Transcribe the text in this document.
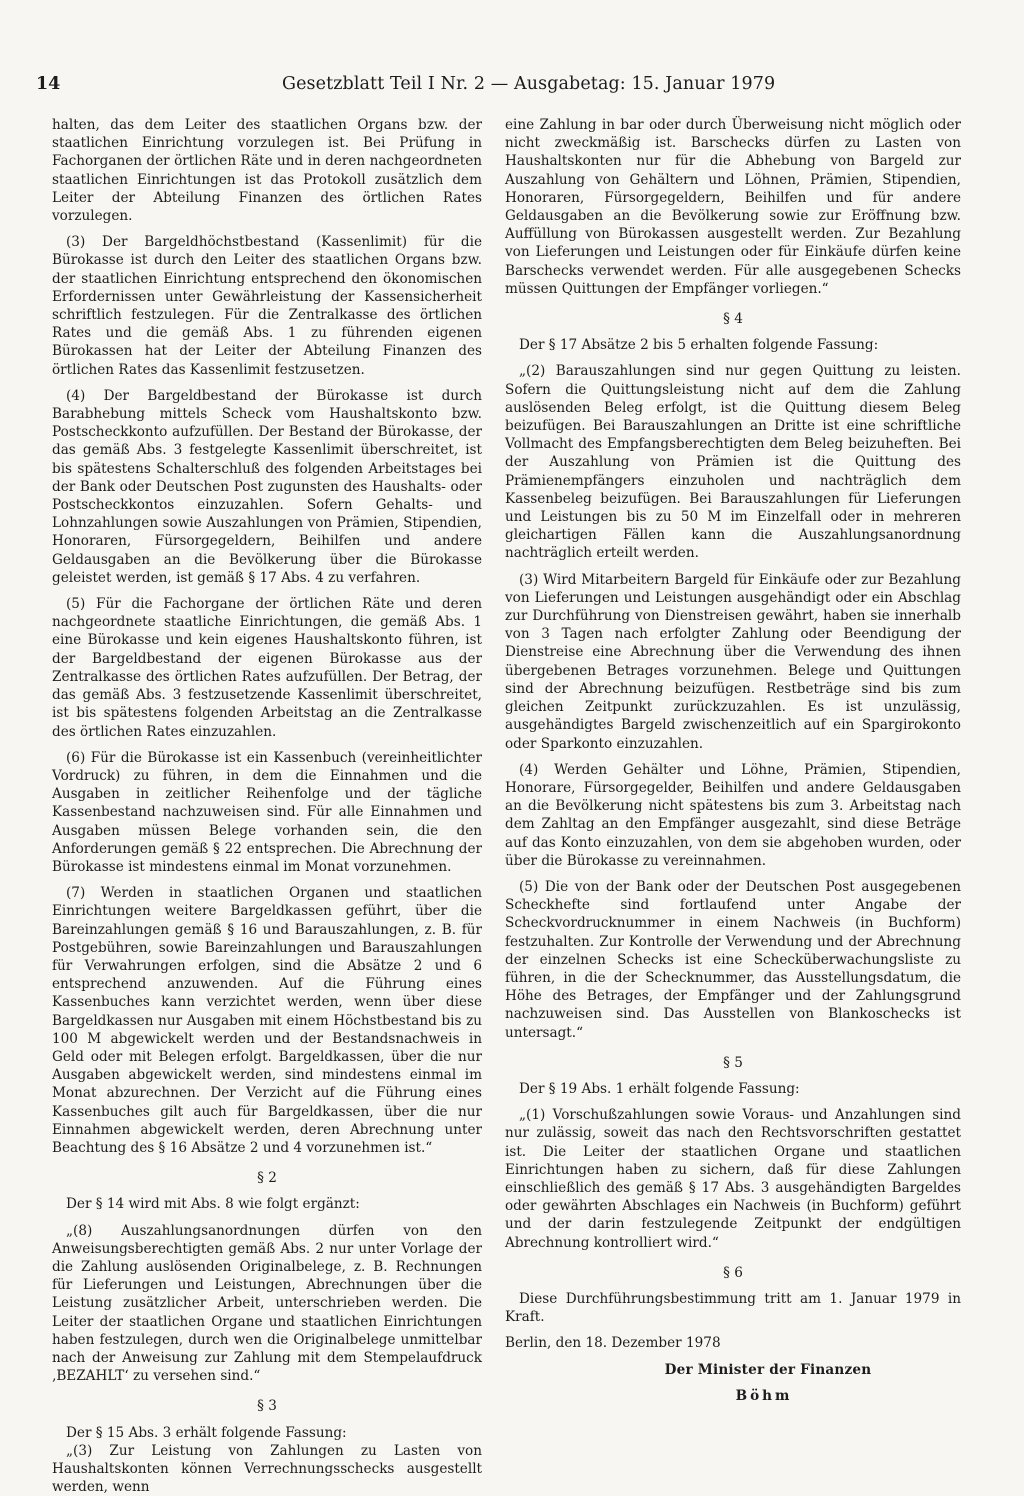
14	Gesetzblatt Teil I Nr. 2 — Ausgabetag: 15. Januar 1979

halten, das dem Leiter des staatlichen Organs bzw. der staatlichen Einrichtung vorzulegen ist. Bei Prüfung in Fachorganen der örtlichen Räte und in deren nachgeordneten staatlichen Einrichtungen ist das Protokoll zusätzlich dem Leiter der Abteilung Finanzen des örtlichen Rates vorzulegen.

(3) Der Bargeldhöchstbestand (Kassenlimit) für die Bürokasse ist durch den Leiter des staatlichen Organs bzw. der staatlichen Einrichtung entsprechend den ökonomischen Erfordernissen unter Gewährleistung der Kassensicherheit schriftlich festzulegen. Für die Zentralkasse des örtlichen Rates und die gemäß Abs. 1 zu führenden eigenen Bürokassen hat der Leiter der Abteilung Finanzen des örtlichen Rates das Kassenlimit festzusetzen.

(4) Der Bargeldbestand der Bürokasse ist durch Barabhebung mittels Scheck vom Haushaltskonto bzw. Postscheckkonto aufzufüllen. Der Bestand der Bürokasse, der das gemäß Abs. 3 festgelegte Kassenlimit überschreitet, ist bis spätestens Schalterschluß des folgenden Arbeitstages bei der Bank oder Deutschen Post zugunsten des Haushalts- oder Postscheckkontos einzuzahlen. Sofern Gehalts- und Lohnzahlungen sowie Auszahlungen von Prämien, Stipendien, Honoraren, Fürsorgegeldern, Beihilfen und andere Geldausgaben an die Bevölkerung über die Bürokasse geleistet werden, ist gemäß § 17 Abs. 4 zu verfahren.

(5) Für die Fachorgane der örtlichen Räte und deren nachgeordnete staatliche Einrichtungen, die gemäß Abs. 1 eine Bürokasse und kein eigenes Haushaltskonto führen, ist der Bargeldbestand der eigenen Bürokasse aus der Zentralkasse des örtlichen Rates aufzufüllen. Der Betrag, der das gemäß Abs. 3 festzusetzende Kassenlimit überschreitet, ist bis spätestens folgenden Arbeitstag an die Zentralkasse des örtlichen Rates einzuzahlen.

(6) Für die Bürokasse ist ein Kassenbuch (vereinheitlichter Vordruck) zu führen, in dem die Einnahmen und die Ausgaben in zeitlicher Reihenfolge und der tägliche Kassenbestand nachzuweisen sind. Für alle Einnahmen und Ausgaben müssen Belege vorhanden sein, die den Anforderungen gemäß § 22 entsprechen. Die Abrechnung der Bürokasse ist mindestens einmal im Monat vorzunehmen.

(7) Werden in staatlichen Organen und staatlichen Einrichtungen weitere Bargeldkassen geführt, über die Bareinzahlungen gemäß § 16 und Barauszahlungen, z. B. für Postgebühren, sowie Bareinzahlungen und Barauszahlungen für Verwahrungen erfolgen, sind die Absätze 2 und 6 entsprechend anzuwenden. Auf die Führung eines Kassenbuches kann verzichtet werden, wenn über diese Bargeldkassen nur Ausgaben mit einem Höchstbestand bis zu 100 M abgewickelt werden und der Bestandsnachweis in Geld oder mit Belegen erfolgt. Bargeldkassen, über die nur Ausgaben abgewickelt werden, sind mindestens einmal im Monat abzurechnen. Der Verzicht auf die Führung eines Kassenbuches gilt auch für Bargeldkassen, über die nur Einnahmen abgewickelt werden, deren Abrechnung unter Beachtung des § 16 Absätze 2 und 4 vorzunehmen ist.“

§ 2

Der § 14 wird mit Abs. 8 wie folgt ergänzt:

„(8) Auszahlungsanordnungen dürfen von den Anweisungsberechtigten gemäß Abs. 2 nur unter Vorlage der die Zahlung auslösenden Originalbelege, z. B. Rechnungen für Lieferungen und Leistungen, Abrechnungen über die Leistung zusätzlicher Arbeit, unterschrieben werden. Die Leiter der staatlichen Organe und staatlichen Einrichtungen haben festzulegen, durch wen die Originalbelege unmittelbar nach der Anweisung zur Zahlung mit dem Stempelaufdruck ‚BEZAHLT‘ zu versehen sind.“

§ 3

Der § 15 Abs. 3 erhält folgende Fassung:

„(3) Zur Leistung von Zahlungen zu Lasten von Haushaltskonten können Verrechnungsschecks ausgestellt werden, wenn

eine Zahlung in bar oder durch Überweisung nicht möglich oder nicht zweckmäßig ist. Barschecks dürfen zu Lasten von Haushaltskonten nur für die Abhebung von Bargeld zur Auszahlung von Gehältern und Löhnen, Prämien, Stipendien, Honoraren, Fürsorgegeldern, Beihilfen und für andere Geldausgaben an die Bevölkerung sowie zur Eröffnung bzw. Auffüllung von Bürokassen ausgestellt werden. Zur Bezahlung von Lieferungen und Leistungen oder für Einkäufe dürfen keine Barschecks verwendet werden. Für alle ausgegebenen Schecks müssen Quittungen der Empfänger vorliegen.“

§ 4

Der § 17 Absätze 2 bis 5 erhalten folgende Fassung:

„(2) Barauszahlungen sind nur gegen Quittung zu leisten. Sofern die Quittungsleistung nicht auf dem die Zahlung auslösenden Beleg erfolgt, ist die Quittung diesem Beleg beizufügen. Bei Barauszahlungen an Dritte ist eine schriftliche Vollmacht des Empfangsberechtigten dem Beleg beizuheften. Bei der Auszahlung von Prämien ist die Quittung des Prämienempfängers einzuholen und nachträglich dem Kassenbeleg beizufügen. Bei Barauszahlungen für Lieferungen und Leistungen bis zu 50 M im Einzelfall oder in mehreren gleichartigen Fällen kann die Auszahlungsanordnung nachträglich erteilt werden.

(3) Wird Mitarbeitern Bargeld für Einkäufe oder zur Bezahlung von Lieferungen und Leistungen ausgehändigt oder ein Abschlag zur Durchführung von Dienstreisen gewährt, haben sie innerhalb von 3 Tagen nach erfolgter Zahlung oder Beendigung der Dienstreise eine Abrechnung über die Verwendung des ihnen übergebenen Betrages vorzunehmen. Belege und Quittungen sind der Abrechnung beizufügen. Restbeträge sind bis zum gleichen Zeitpunkt zurückzuzahlen. Es ist unzulässig, ausgehändigtes Bargeld zwischenzeitlich auf ein Spargirokonto oder Sparkonto einzuzahlen.

(4) Werden Gehälter und Löhne, Prämien, Stipendien, Honorare, Fürsorgegelder, Beihilfen und andere Geldausgaben an die Bevölkerung nicht spätestens bis zum 3. Arbeitstag nach dem Zahltag an den Empfänger ausgezahlt, sind diese Beträge auf das Konto einzuzahlen, von dem sie abgehoben wurden, oder über die Bürokasse zu vereinnahmen.

(5) Die von der Bank oder der Deutschen Post ausgegebenen Scheckhefte sind fortlaufend unter Angabe der Scheckvordrucknummer in einem Nachweis (in Buchform) festzuhalten. Zur Kontrolle der Verwendung und der Abrechnung der einzelnen Schecks ist eine Schecküberwachungsliste zu führen, in die der Schecknummer, das Ausstellungsdatum, die Höhe des Betrages, der Empfänger und der Zahlungsgrund nachzuweisen sind. Das Ausstellen von Blankoschecks ist untersagt.“

§ 5

Der § 19 Abs. 1 erhält folgende Fassung:

„(1) Vorschußzahlungen sowie Voraus- und Anzahlungen sind nur zulässig, soweit das nach den Rechtsvorschriften gestattet ist. Die Leiter der staatlichen Organe und staatlichen Einrichtungen haben zu sichern, daß für diese Zahlungen einschließlich des gemäß § 17 Abs. 3 ausgehändigten Bargeldes oder gewährten Abschlages ein Nachweis (in Buchform) geführt und der darin festzulegende Zeitpunkt der endgültigen Abrechnung kontrolliert wird.“

§ 6

Diese Durchführungsbestimmung tritt am 1. Januar 1979 in Kraft.

Berlin, den 18. Dezember 1978

Der Minister der Finanzen

Böhm
